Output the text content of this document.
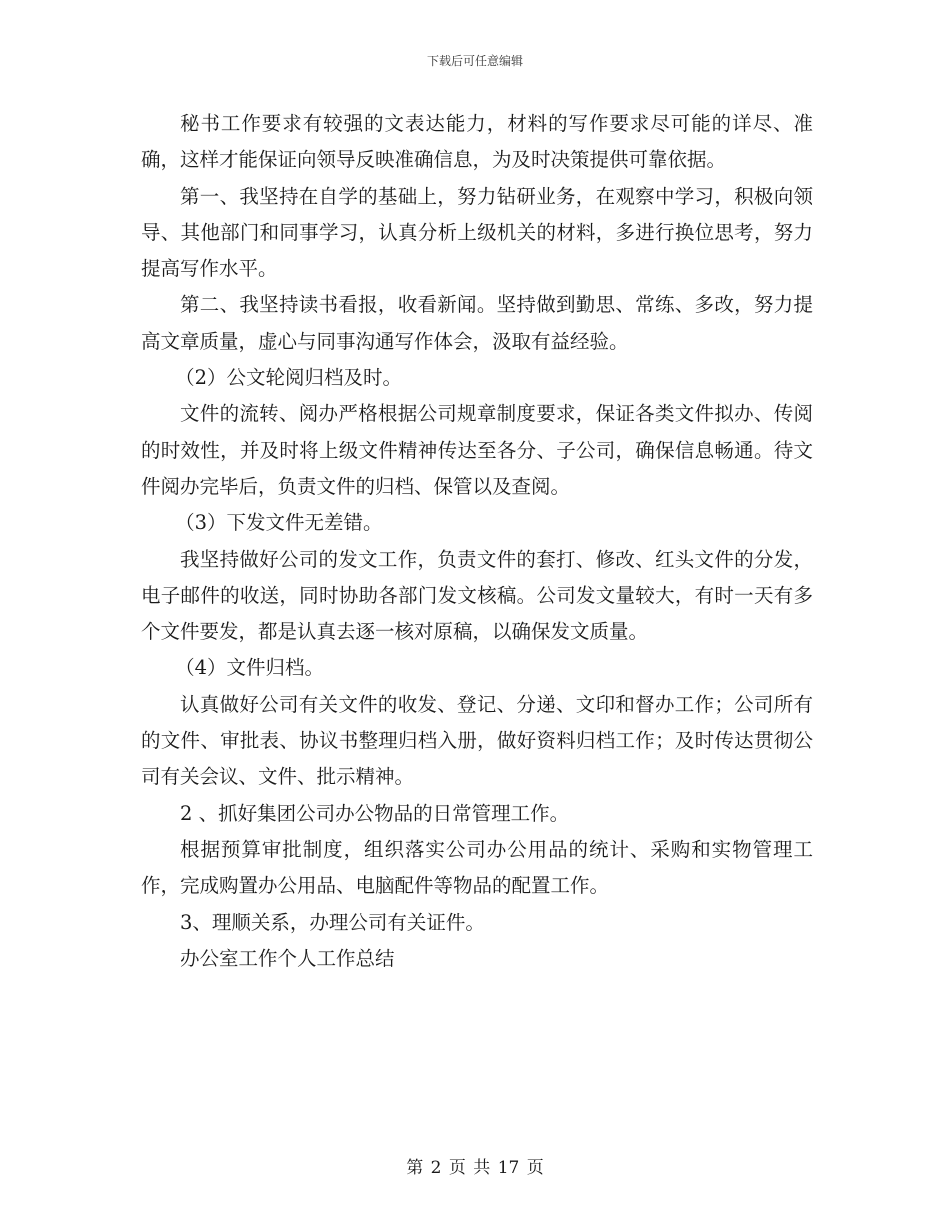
下载后可任意编辑

秘书工作要求有较强的文表达能力，材料的写作要求尽可能的详尽、准确，这样才能保证向领导反映准确信息，为及时决策提供可靠依据。

第一、我坚持在自学的基础上，努力钻研业务，在观察中学习，积极向领导、其他部门和同事学习，认真分析上级机关的材料，多进行换位思考，努力提高写作水平。

第二、我坚持读书看报，收看新闻。坚持做到勤思、常练、多改，努力提高文章质量，虚心与同事沟通写作体会，汲取有益经验。

（2）公文轮阅归档及时。

文件的流转、阅办严格根据公司规章制度要求，保证各类文件拟办、传阅的时效性，并及时将上级文件精神传达至各分、子公司，确保信息畅通。待文件阅办完毕后，负责文件的归档、保管以及查阅。

（3）下发文件无差错。

我坚持做好公司的发文工作，负责文件的套打、修改、红头文件的分发，电子邮件的收送，同时协助各部门发文核稿。公司发文量较大，有时一天有多个文件要发，都是认真去逐一核对原稿，以确保发文质量。

（4）文件归档。

认真做好公司有关文件的收发、登记、分递、文印和督办工作；公司所有的文件、审批表、协议书整理归档入册，做好资料归档工作；及时传达贯彻公司有关会议、文件、批示精神。

2 、抓好集团公司办公物品的日常管理工作。

根据预算审批制度，组织落实公司办公用品的统计、采购和实物管理工作，完成购置办公用品、电脑配件等物品的配置工作。

3、理顺关系，办理公司有关证件。

办公室工作个人工作总结

第 2 页 共 17 页
